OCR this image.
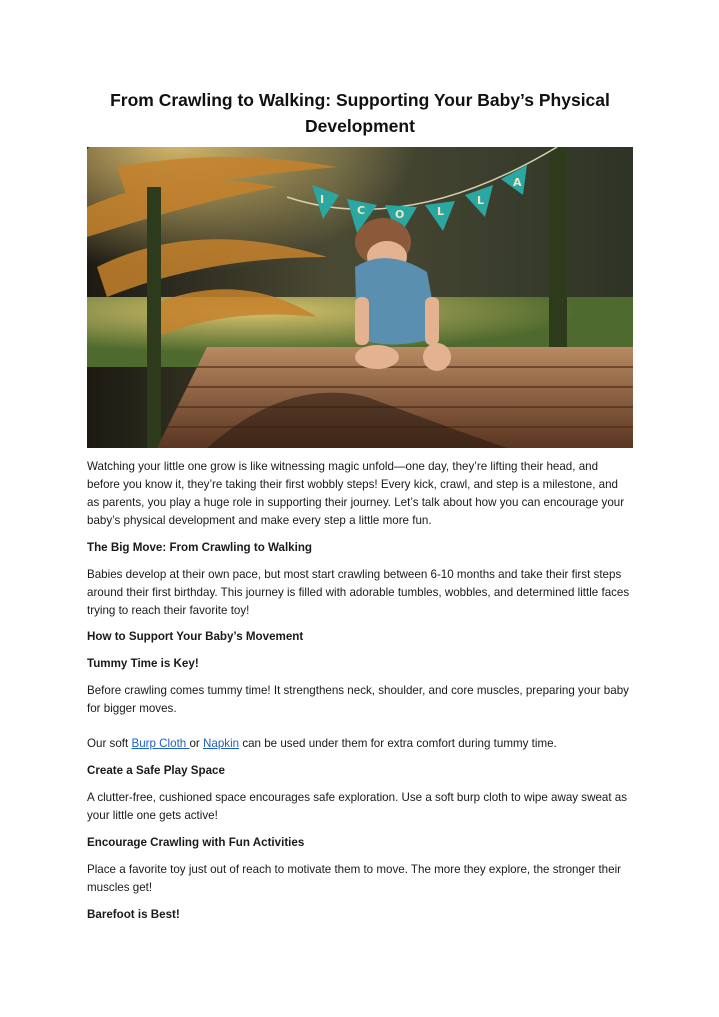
From Crawling to Walking: Supporting Your Baby’s Physical Development
I
C	O	L
L
A
Watching your little one grow is like witnessing magic unfold—one day, they’re lifting their head, and before you know it, they’re taking their first wobbly steps! Every kick, crawl, and step is a milestone, and as parents, you play a huge role in supporting their journey. Let’s talk about how you can encourage your baby’s physical development and make every step a little more fun.
The Big Move: From Crawling to Walking
Babies develop at their own pace, but most start crawling between 6-10 months and take their first steps around their first birthday. This journey is filled with adorable tumbles, wobbles, and determined little faces trying to reach their favorite toy!
How to Support Your Baby’s Movement
Tummy Time is Key!
Before crawling comes tummy time! It strengthens neck, shoulder, and core muscles, preparing your baby for bigger moves.
Our soft Burp Cloth or Napkin can be used under them for extra comfort during tummy time.
Create a Safe Play Space
A clutter-free, cushioned space encourages safe exploration. Use a soft burp cloth to wipe away sweat as your little one gets active!
Encourage Crawling with Fun Activities
Place a favorite toy just out of reach to motivate them to move. The more they explore, the stronger their muscles get!
Barefoot is Best!
